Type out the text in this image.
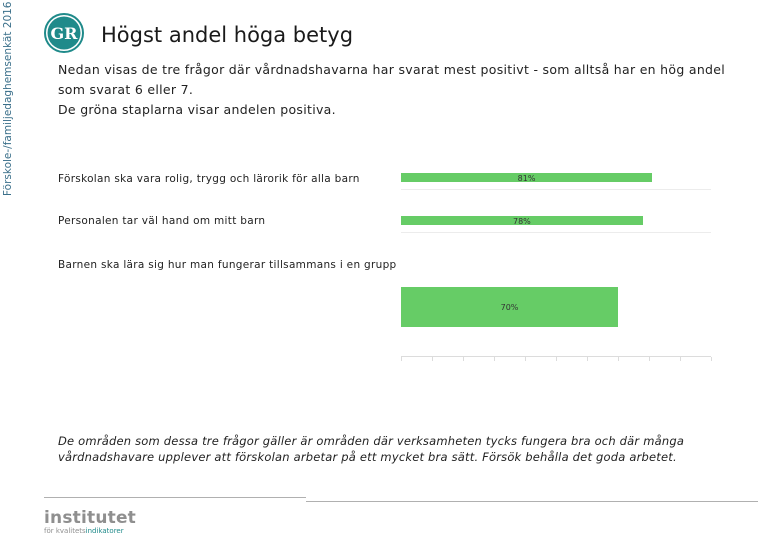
Förskole-/familjedaghemsenkät 2016 GR Högst andel höga betyg

Nedan visas de tre frågor där vårdnadshavarna har svarat mest positivt - som alltså har en hög andel som svarat 6 eller 7.

De gröna staplarna visar andelen positiva.

Förskolan ska vara rolig, trygg och lärorik för alla barn
Personalen tar väl hand om mitt barn
Barnen ska lära sig hur man fungerar tillsammans i en grupp
81%
78%
70%
De områden som dessa tre frågor gäller är områden där verksamheten tycks fungera bra och där många vårdnadshavare upplever att förskolan arbetar på ett mycket bra sätt. Försök behålla det goda arbetet.
institutet
för kvalitetsindikatorer
